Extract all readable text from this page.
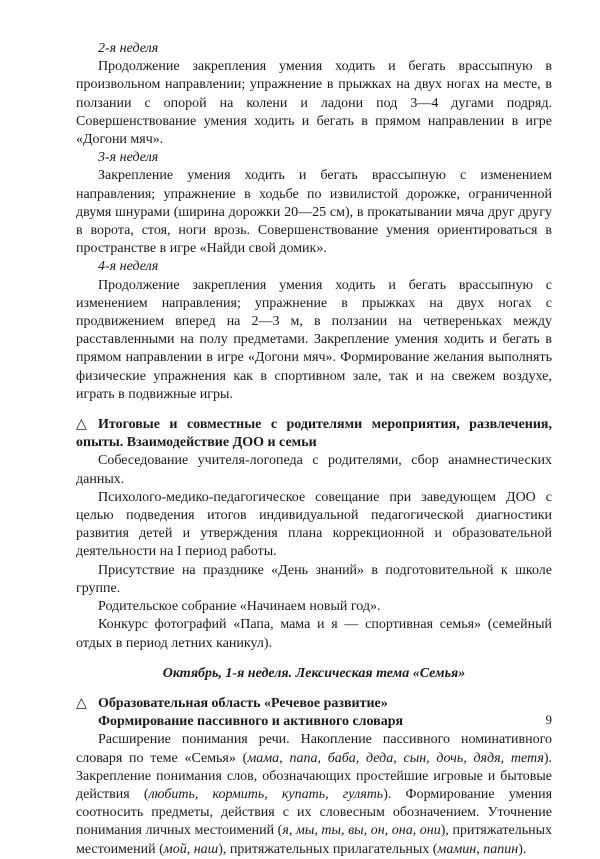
2-я неделя

Продолжение закрепления умения ходить и бегать врассыпную в произвольном направлении; упражнение в прыжках на двух ногах на месте, в ползании с опорой на колени и ладони под 3—4 дугами подряд. Совершенствование умения ходить и бегать в прямом направлении в игре «Догони мяч».

3-я неделя

Закрепление умения ходить и бегать врассыпную с изменением направления; упражнение в ходьбе по извилистой дорожке, ограниченной двумя шнурами (ширина дорожки 20—25 см), в прокатывании мяча друг другу в ворота, стоя, ноги врозь. Совершенствование умения ориентироваться в пространстве в игре «Найди свой домик».

4-я неделя

Продолжение закрепления умения ходить и бегать врассыпную с изменением направления; упражнение в прыжках на двух ногах с продвижением вперед на 2—3 м, в ползании на четвереньках между расставленными на полу предметами. Закрепление умения ходить и бегать в прямом направлении в игре «Догони мяч». Формирование желания выполнять физические упражнения как в спортивном зале, так и на свежем воздухе, играть в подвижные игры.

△ Итоговые и совместные с родителями мероприятия, развлечения, опыты. Взаимодействие ДОО и семьи

Собеседование учителя-логопеда с родителями, сбор анамнестических данных.

Психолого-медико-педагогическое совещание при заведующем ДОО с целью подведения итогов индивидуальной педагогической диагностики развития детей и утверждения плана коррекционной и образовательной деятельности на I период работы.

Присутствие на празднике «День знаний» в подготовительной к школе группе.

Родительское собрание «Начинаем новый год».

Конкурс фотографий «Папа, мама и я — спортивная семья» (семейный отдых в период летних каникул).

Октябрь, 1-я неделя. Лексическая тема «Семья»

△ Образовательная область «Речевое развитие»

Формирование пассивного и активного словаря

Расширение понимания речи. Накопление пассивного номинативного словаря по теме «Семья» (мама, папа, баба, деда, сын, дочь, дядя, тетя). Закрепление понимания слов, обозначающих простейшие игровые и бытовые действия (любить, кормить, купать, гулять). Формирование умения соотносить предметы, действия с их словесным обозначением. Уточнение понимания личных местоимений (я, мы, ты, вы, он, она, они), притяжательных местоимений (мой, наш), притяжательных прилагательных (мамин, папин).

9
